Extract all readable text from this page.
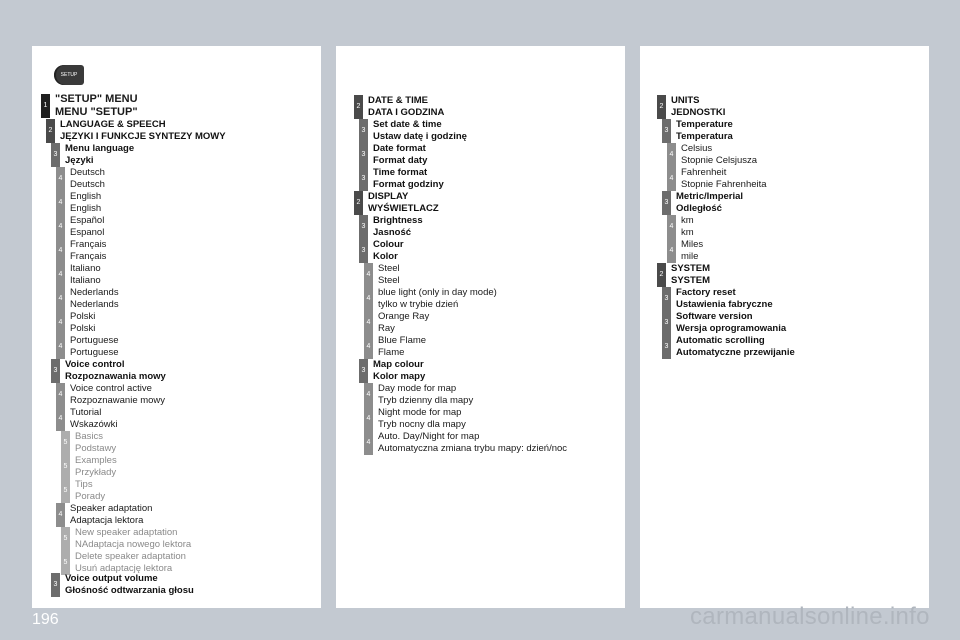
SETUP
1
"SETUP" MENU
MENU "SETUP"
2
LANGUAGE & SPEECH
JĘZYKI I FUNKCJE SYNTEZY MOWY
3
Menu language
Języki
4
Deutsch
Deutsch
4
English
English
4
Español
Espanol
4
Français
Français
4
Italiano
Italiano
4
Nederlands
Nederlands
4
Polski
Polski
4
Portuguese
Portuguese
3
Voice control
Rozpoznawania mowy
4
Voice control active
Rozpoznawanie mowy
4
Tutorial
Wskazówki
5
Basics
Podstawy
5
Examples
Przykłady
5
Tips
Porady
4
Speaker adaptation
Adaptacja lektora
5
New speaker adaptation
NAdaptacja nowego lektora
5
Delete speaker adaptation
Usuń adaptację lektora
3
Voice output volume
Głośność odtwarzania głosu
2
DATE & TIME
DATA I GODZINA
3
Set date & time
Ustaw datę i godzinę
3
Date format
Format daty
3
Time format
Format godziny
2
DISPLAY
WYŚWIETLACZ
3
Brightness
Jasność
3
Colour
Kolor
4
Steel
Steel
4
blue light (only in day mode)
tylko w trybie dzień
4
Orange Ray
Ray
4
Blue Flame
Flame
3
Map colour
Kolor mapy
4
Day mode for map
Tryb dzienny dla mapy
4
Night mode for map
Tryb nocny dla mapy
4
Auto. Day/Night for map
Automatyczna zmiana trybu mapy: dzień/noc
2
UNITS
JEDNOSTKI
3
Temperature
Temperatura
4
Celsius
Stopnie Celsjusza
4
Fahrenheit
Stopnie Fahrenheita
3
Metric/Imperial
Odległość
4
km
km
4
Miles
mile
2
SYSTEM
SYSTEM
3
Factory reset
Ustawienia fabryczne
3
Software version
Wersja oprogramowania
3
Automatic scrolling
Automatyczne przewijanie
196	carmanualsonline.info
